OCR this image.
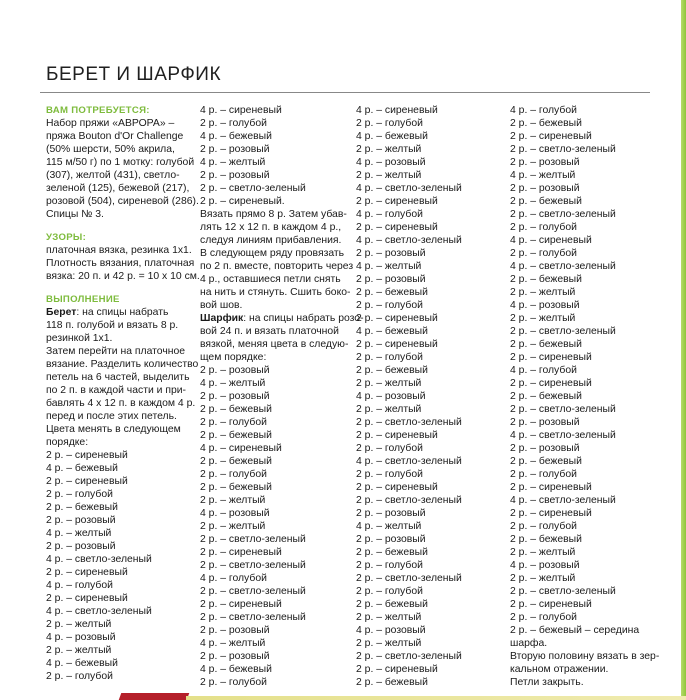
БЕРЕТ И ШАРФИК
ВАМ ПОТРЕБУЕТСЯ:
Набор пряжи «АВРОРА» –
пряжа Bouton d'Or Challenge
(50% шерсти, 50% акрила,
115 м/50 г) по 1 мотку: голубой
(307), желтой (431), светло-
зеленой (125), бежевой (217),
розовой (504), сиреневой (286).
Спицы № 3.
УЗОРЫ:
платочная вязка, резинка 1х1.
Плотность вязания, платочная
вязка: 20 п. и 42 р. = 10 х 10 см.
ВЫПОЛНЕНИЕ
Берет: на спицы набрать
118 п. голубой и вязать 8 р.
резинкой 1х1.
Затем перейти на платочное
вязание. Разделить количество
петель на 6 частей, выделить
по 2 п. в каждой части и при-
бавлять 4 х 12 п. в каждом 4 р.
перед и после этих петель.
Цвета менять в следующем
порядке:
2 р. – сиреневый
4 р. – бежевый
2 р. – сиреневый
2 р. – голубой
2 р. – бежевый
2 р. – розовый
4 р. – желтый
2 р. – розовый
4 р. – светло-зеленый
2 р. – сиреневый
4 р. – голубой
2 р. – сиреневый
4 р. – светло-зеленый
2 р. – желтый
4 р. – розовый
2 р. – желтый
4 р. – бежевый
2 р. – голубой
4 р. – сиреневый
2 р. – голубой
4 р. – бежевый
2 р. – розовый
4 р. – желтый
2 р. – розовый
2 р. – светло-зеленый
2 р. – сиреневый.
Вязать прямо 8 р. Затем убав-
лять 12 х 12 п. в каждом 4 р.,
следуя линиям прибавления.
В следующем ряду провязать
по 2 п. вместе, повторить через
4 р., оставшиеся петли снять
на нить и стянуть. Сшить боко-
вой шов.
Шарфик: на спицы набрать розо-
вой 24 п. и вязать платочной
вязкой, меняя цвета в следую-
щем порядке:
2 р. – розовый
4 р. – желтый
2 р. – розовый
2 р. – бежевый
2 р. – голубой
2 р. – бежевый
4 р. – сиреневый
2 р. – бежевый
2 р. – голубой
2 р. – бежевый
2 р. – желтый
4 р. – розовый
2 р. – желтый
2 р. – светло-зеленый
2 р. – сиреневый
2 р. – светло-зеленый
4 р. – голубой
2 р. – светло-зеленый
2 р. – сиреневый
2 р. – светло-зеленый
2 р. – розовый
4 р. – желтый
2 р. – розовый
4 р. – бежевый
2 р. – голубой
4 р. – сиреневый
2 р. – голубой
4 р. – бежевый
2 р. – желтый
4 р. – розовый
2 р. – желтый
4 р. – светло-зеленый
2 р. – сиреневый
4 р. – голубой
2 р. – сиреневый
4 р. – светло-зеленый
2 р. – розовый
4 р. – желтый
2 р. – розовый
2 р. – бежевый
2 р. – голубой
2 р. – сиреневый
4 р. – бежевый
2 р. – сиреневый
2 р. – голубой
2 р. – бежевый
2 р. – желтый
4 р. – розовый
2 р. – желтый
2 р. – светло-зеленый
2 р. – сиреневый
2 р. – голубой
4 р. – светло-зеленый
2 р. – голубой
2 р. – сиреневый
2 р. – светло-зеленый
2 р. – розовый
4 р. – желтый
2 р. – розовый
2 р. – бежевый
2 р. – голубой
2 р. – светло-зеленый
2 р. – голубой
2 р. – бежевый
2 р. – желтый
4 р. – розовый
2 р. – желтый
2 р. – светло-зеленый
2 р. – сиреневый
2 р. – бежевый
4 р. – голубой
2 р. – бежевый
2 р. – сиреневый
2 р. – светло-зеленый
2 р. – розовый
4 р. – желтый
2 р. – розовый
2 р. – бежевый
2 р. – светло-зеленый
2 р. – голубой
4 р. – сиреневый
2 р. – голубой
4 р. – светло-зеленый
2 р. – бежевый
2 р. – желтый
4 р. – розовый
2 р. – желтый
2 р. – светло-зеленый
2 р. – бежевый
2 р. – сиреневый
4 р. – голубой
2 р. – сиреневый
2 р. – бежевый
2 р. – светло-зеленый
2 р. – розовый
4 р. – светло-зеленый
2 р. – розовый
2 р. – бежевый
2 р. – голубой
2 р. – сиреневый
4 р. – светло-зеленый
2 р. – сиреневый
2 р. – голубой
2 р. – бежевый
2 р. – желтый
4 р. – розовый
2 р. – желтый
2 р. – светло-зеленый
2 р. – сиреневый
2 р. – голубой
2 р. – бежевый – середина
шарфа.
Вторую половину вязать в зер-
кальном отражении.
Петли закрыть.
